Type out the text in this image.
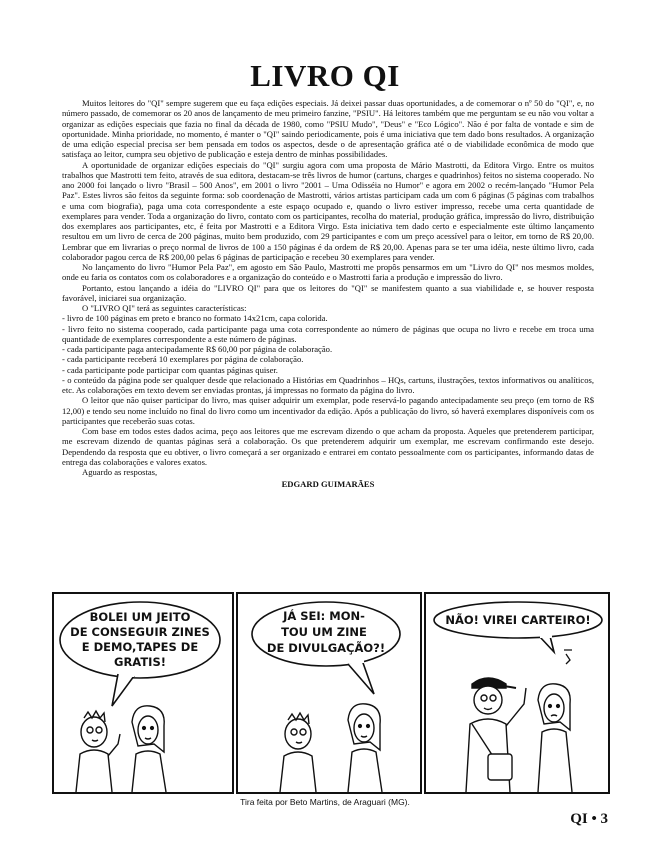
LIVRO QI

Muitos leitores do "QI" sempre sugerem que eu faça edições especiais. Já deixei passar duas oportunidades, a de comemorar o nº 50 do "QI", e, no número passado, de comemorar os 20 anos de lançamento de meu primeiro fanzine, "PSIU". Há leitores também que me perguntam se eu não vou voltar a organizar as edições especiais que fazia no final da década de 1980, como "PSIU Mudo", "Deus" e "Eco Lógico". Não é por falta de vontade e sim de oportunidade. Minha prioridade, no momento, é manter o "QI" saindo periodicamente, pois é uma iniciativa que tem dado bons resultados. A organização de uma edição especial precisa ser bem pensada em todos os aspectos, desde o de apresentação gráfica até o de viabilidade econômica de modo que satisfaça ao leitor, cumpra seu objetivo de publicação e esteja dentro de minhas possibilidades.

A oportunidade de organizar edições especiais do "QI" surgiu agora com uma proposta de Mário Mastrotti, da Editora Virgo. Entre os muitos trabalhos que Mastrotti tem feito, através de sua editora, destacam-se três livros de humor (cartuns, charges e quadrinhos) feitos no sistema cooperado. No ano 2000 foi lançado o livro "Brasil – 500 Anos", em 2001 o livro "2001 – Uma Odisséia no Humor" e agora em 2002 o recém-lançado "Humor Pela Paz". Estes livros são feitos da seguinte forma: sob coordenação de Mastrotti, vários artistas participam cada um com 6 páginas (5 páginas com trabalhos e uma com biografia), paga uma cota correspondente a este espaço ocupado e, quando o livro estiver impresso, recebe uma certa quantidade de exemplares para vender. Toda a organização do livro, contato com os participantes, recolha do material, produção gráfica, impressão do livro, distribuição dos exemplares aos participantes, etc, é feita por Mastrotti e a Editora Virgo. Esta iniciativa tem dado certo e especialmente este último lançamento resultou em um livro de cerca de 200 páginas, muito bem produzido, com 29 participantes e com um preço acessível para o leitor, em torno de R$ 20,00. Lembrar que em livrarias o preço normal de livros de 100 a 150 páginas é da ordem de R$ 20,00. Apenas para se ter uma idéia, neste último livro, cada colaborador pagou cerca de R$ 200,00 pelas 6 páginas de participação e recebeu 30 exemplares para vender.

No lançamento do livro "Humor Pela Paz", em agosto em São Paulo, Mastrotti me propôs pensarmos em um "Livro do QI" nos mesmos moldes, onde eu faria os contatos com os colaboradores e a organização do conteúdo e o Mastrotti faria a produção e impressão do livro.

Portanto, estou lançando a idéia do "LIVRO QI" para que os leitores do "QI" se manifestem quanto a sua viabilidade e, se houver resposta favorável, iniciarei sua organização.

O "LIVRO QI" terá as seguintes características:

- livro de 100 páginas em preto e branco no formato 14x21cm, capa colorida.

- livro feito no sistema cooperado, cada participante paga uma cota correspondente ao número de páginas que ocupa no livro e recebe em troca uma quantidade de exemplares correspondente a este número de páginas.

- cada participante paga antecipadamente R$ 60,00 por página de colaboração.

- cada participante receberá 10 exemplares por página de colaboração.

- cada participante pode participar com quantas páginas quiser.

- o conteúdo da página pode ser qualquer desde que relacionado a Histórias em Quadrinhos – HQs, cartuns, ilustrações, textos informativos ou analíticos, etc. As colaborações em texto devem ser enviadas prontas, já impressas no formato da página do livro.

O leitor que não quiser participar do livro, mas quiser adquirir um exemplar, pode reservá-lo pagando antecipadamente seu preço (em torno de R$ 12,00) e tendo seu nome incluído no final do livro como um incentivador da edição. Após a publicação do livro, só haverá exemplares disponíveis com os participantes que receberão suas cotas.

Com base em todos estes dados acima, peço aos leitores que me escrevam dizendo o que acham da proposta. Aqueles que pretenderem participar, me escrevam dizendo de quantas páginas será a colaboração. Os que pretenderem adquirir um exemplar, me escrevam confirmando este desejo. Dependendo da resposta que eu obtiver, o livro começará a ser organizado e entrarei em contato pessoalmente com os participantes, informando datas de entrega das colaborações e valores exatos.

Aguardo as respostas,

EDGARD GUIMARÃES
BOLEI UM JEITO
DE CONSEGUIR ZINES
E DEMO,TAPES DE
GRATIS!
JÁ SEI: MON-
TOU UM ZINE
DE DIVULGAÇÃO?!
NÃO! VIREI CARTEIRO!
Tira feita por Beto Martins, de Araguari (MG).
QI • 3
